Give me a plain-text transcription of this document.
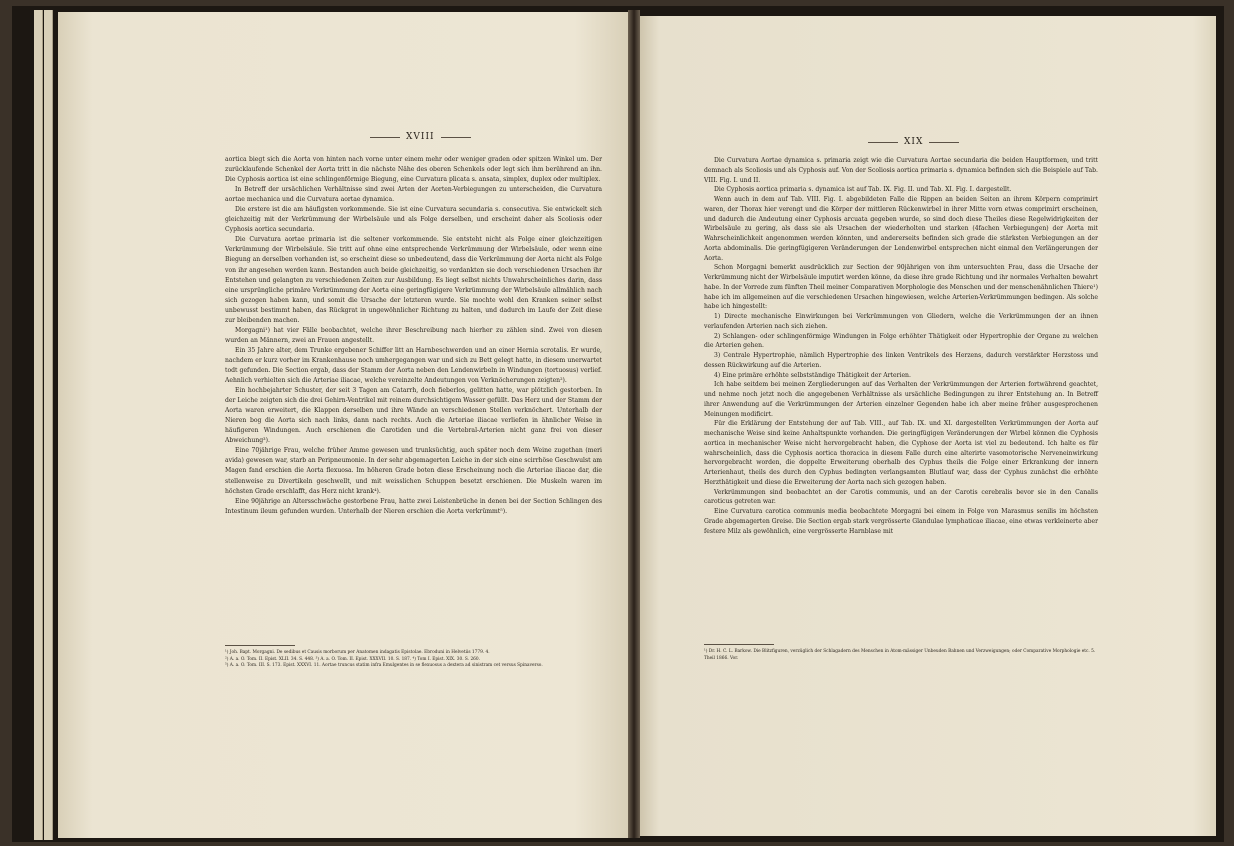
XVIII

aortica biegt sich die Aorta von hinten nach vorne unter einem mehr oder weniger graden oder spitzen Winkel um. Der zurücklaufende Schenkel der Aorta tritt in die nächste Nähe des oberen Schenkels oder legt sich ihm berührend an ihn. Die Cyphosis aortica ist eine schlingenförmige Biegung, eine Curvatura plicata s. ansata, simplex, duplex oder multiplex.

In Betreff der ursächlichen Verhältnisse sind zwei Arten der Aorten-Verbiegungen zu unterscheiden, die Curvatura aortae mechanica und die Curvatura aortae dynamica.

Die erstere ist die am häufigsten vorkommende. Sie ist eine Curvatura secundaria s. consecutiva. Sie entwickelt sich gleichzeitig mit der Verkrümmung der Wirbelsäule und als Folge derselben, und erscheint daher als Scoliosis oder Cyphosis aortica secundaria.

Die Curvatura aortae primaria ist die seltener vorkommende. Sie entsteht nicht als Folge einer gleichzeitigen Verkrümmung der Wirbelsäule. Sie tritt auf ohne eine entsprechende Verkrümmung der Wirbelsäule, oder wenn eine Biegung an derselben vorhanden ist, so erscheint diese so unbedeutend, dass die Verkrümmung der Aorta nicht als Folge von ihr angesehen werden kann. Bestanden auch beide gleichzeitig, so verdankten sie doch verschiedenen Ursachen ihr Entstehen und gelangten zu verschiedenen Zeiten zur Ausbildung. Es liegt selbst nichts Unwahrscheinliches darin, dass eine ursprüngliche primäre Verkrümmung der Aorta eine geringfügigere Verkrümmung der Wirbelsäule allmählich nach sich gezogen haben kann, und somit die Ursache der letzteren wurde. Sie mochte wohl den Kranken seiner selbst unbewusst bestimmt haben, das Rückgrat in ungewöhnlicher Richtung zu halten, und dadurch im Laufe der Zeit diese zur bleibenden machen.

Morgagni¹) hat vier Fälle beobachtet, welche ihrer Beschreibung nach hierher zu zählen sind. Zwei von diesen wurden an Männern, zwei an Frauen angestellt.

Ein 35 Jahre alter, dem Trunke ergebener Schiffer litt an Harnbeschwerden und an einer Hernia scrotalis. Er wurde, nachdem er kurz vorher im Krankenhause noch umhergegangen war und sich zu Bett gelegt hatte, in diesem unerwartet todt gefunden. Die Section ergab, dass der Stamm der Aorta neben den Lendenwirbeln in Windungen (tortuosus) verlief. Aehnlich verhielten sich die Arteriae iliacae, welche vereinzelte Andeutungen von Verknöcherungen zeigten²).

Ein hochbejahrter Schuster, der seit 3 Tagen am Catarrh, doch fieberlos, gelitten hatte, war plötzlich gestorben. In der Leiche zeigten sich die drei Gehirn-Ventrikel mit reinem durchsichtigem Wasser gefüllt. Das Herz und der Stamm der Aorta waren erweitert, die Klappen derselben und ihre Wände an verschiedenen Stellen verknöchert. Unterhalb der Nieren bog die Aorta sich nach links, dann nach rechts. Auch die Arteriae iliacae verliefen in ähnlicher Weise in häufigeren Windungen. Auch erschienen die Carotiden und die Vertebral-Arterien nicht ganz frei von dieser Abweichung³).

Eine 70jährige Frau, welche früher Amme gewesen und trunksüchtig, auch später noch dem Weine zugethan (meri avida) gewesen war, starb an Peripneumonie. In der sehr abgemagerten Leiche in der sich eine scirrhöse Geschwulst am Magen fand erschien die Aorta flexuosa. Im höheren Grade boten diese Erscheinung noch die Arteriae iliacae dar, die stellenweise zu Divertikeln geschwellt, und mit weisslichen Schuppen besetzt erschienen. Die Muskeln waren im höchsten Grade erschlafft, das Herz nicht krank⁴).

Eine 90jährige an Altersschwäche gestorbene Frau, hatte zwei Leistenbrüche in denen bei der Section Schlingen des Intestinum ileum gefunden wurden. Unterhalb der Nieren erschien die Aorta verkrümmt⁵).

¹) Joh. Bapt. Morgagni. De sedibus et Causis morborum per Anatomen indagatis Epistolae. Ebroduni in Helvetiis 1779. 4.

²) A. a. O. Tom. II. Epist. XLII. 34. S. 448. ³) A. a. O. Tom. II. Epist. XXXVII. 10. S. 187. ⁴) Tom I. Epist. XIX. 30. S. 260.

⁵) A. a. O. Tom. III. S. 173. Epist. XXXVI. 11. Aortae truncus statim infra Emulgentes in se flexuosus a dextera ad sinistram cet versus Spinaverso.

XIX

Die Curvatura Aortae dynamica s. primaria zeigt wie die Curvatura Aortae secundaria die beiden Hauptformen, und tritt demnach als Scoliosis und als Cyphosis auf. Von der Scoliosis aortica primaria s. dynamica befinden sich die Beispiele auf Tab. VIII. Fig. I. und II.

Die Cyphosis aortica primaria s. dynamica ist auf Tab. IX. Fig. II. und Tab. XI. Fig. I. dargestellt.

Wenn auch in dem auf Tab. VIII. Fig. I. abgebildeten Falle die Rippen an beiden Seiten an ihrem Körpern comprimirt waren, der Thorax hier verengt und die Körper der mittleren Rückenwirbel in ihrer Mitte vorn etwas comprimirt erscheinen, und dadurch die Andeutung einer Cyphosis arcuata gegeben wurde, so sind doch diese Theiles diese Regelwidrigkeiten der Wirbelsäule zu gering, als dass sie als Ursachen der wiederholten und starken (4fachen Verbiegungen) der Aorta mit Wahrscheinlichkeit angenommen werden könnten, und andererseits befinden sich grade die stärksten Verbiegungen an der Aorta abdominalis. Die geringfügigeren Veränderungen der Lendenwirbel entsprechen nicht einmal den Verlängerungen der Aorta.

Schon Morgagni bemerkt ausdrücklich zur Section der 90jährigen von ihm untersuchten Frau, dass die Ursache der Verkrümmung nicht der Wirbelsäule imputirt werden könne, da diese ihre grade Richtung und ihr normales Verhalten bewahrt habe. In der Vorrede zum fünften Theil meiner Comparativen Morphologie des Menschen und der menschenähnlichen Thiere¹) habe ich im allgemeinen auf die verschiedenen Ursachen hingewiesen, welche Arterien-Verkrümmungen bedingen. Als solche habe ich hingestellt:

1) Directe mechanische Einwirkungen bei Verkrümmungen von Gliedern, welche die Verkrümmungen der an ihnen verlaufenden Arterien nach sich ziehen.

2) Schlangen- oder schlingenförmige Windungen in Folge erhöhter Thätigkeit oder Hypertrophie der Organe zu welchen die Arterien gehen.

3) Centrale Hypertrophie, nämlich Hypertrophie des linken Ventrikels des Herzens, dadurch verstärkter Herzstoss und dessen Rückwirkung auf die Arterien.

4) Eine primäre erhöhte selbstständige Thätigkeit der Arterien.

Ich habe seitdem bei meinen Zergliederungen auf das Verhalten der Verkrümmungen der Arterien fortwährend geachtet, und nehme noch jetzt noch die angegebenen Verhältnisse als ursächliche Bedingungen zu ihrer Entstehung an. In Betreff ihrer Anwendung auf die Verkrümmungen der Arterien einzelner Gegenden habe ich aber meine früher ausgesprochenen Meinungen modificirt.

Für die Erklärung der Entstehung der auf Tab. VIII., auf Tab. IX. und XI. dargestellten Verkrümmungen der Aorta auf mechanische Weise sind keine Anhaltspunkte vorhanden. Die geringfügigen Veränderungen der Wirbel können die Cyphosis aortica in mechanischer Weise nicht hervorgebracht haben, die Cyphose der Aorta ist viel zu bedeutend. Ich halte es für wahrscheinlich, dass die Cyphosis aortica thoracica in diesem Falle durch eine alterirte vasomotorische Nerveneinwirkung hervorgebracht worden, die doppelte Erweiterung oberhalb des Cyphus theils die Folge einer Erkrankung der innern Arterienhaut, theils des durch den Cyphus bedingten verlangsamten Blutlauf war, dass der Cyphus zunächst die erhöhte Herzthätigkeit und diese die Erweiterung der Aorta nach sich gezogen haben.

Verkrümmungen sind beobachtet an der Carotis communis, und an der Carotis cerebralis bevor sie in den Canalis caroticus getreten war.

Eine Curvatura carotica communis media beobachtete Morgagni bei einem in Folge von Marasmus senilis im höchsten Grade abgemagerten Greise. Die Section ergab stark vergrösserte Glandulae lymphaticae iliacae, eine etwas verkleinerte aber festere Milz als gewöhnlich, eine vergrösserte Harnblase mit

¹) Dr. H. C. L. Barkow. Die Blitzfiguren, verzüglich der Schlagadern des Menschen in Atom-mässiger Unbeuden Bahnen und Verzweigungen; oder Comparative Morphologie etc. 5. Theil 1866. Vor.
